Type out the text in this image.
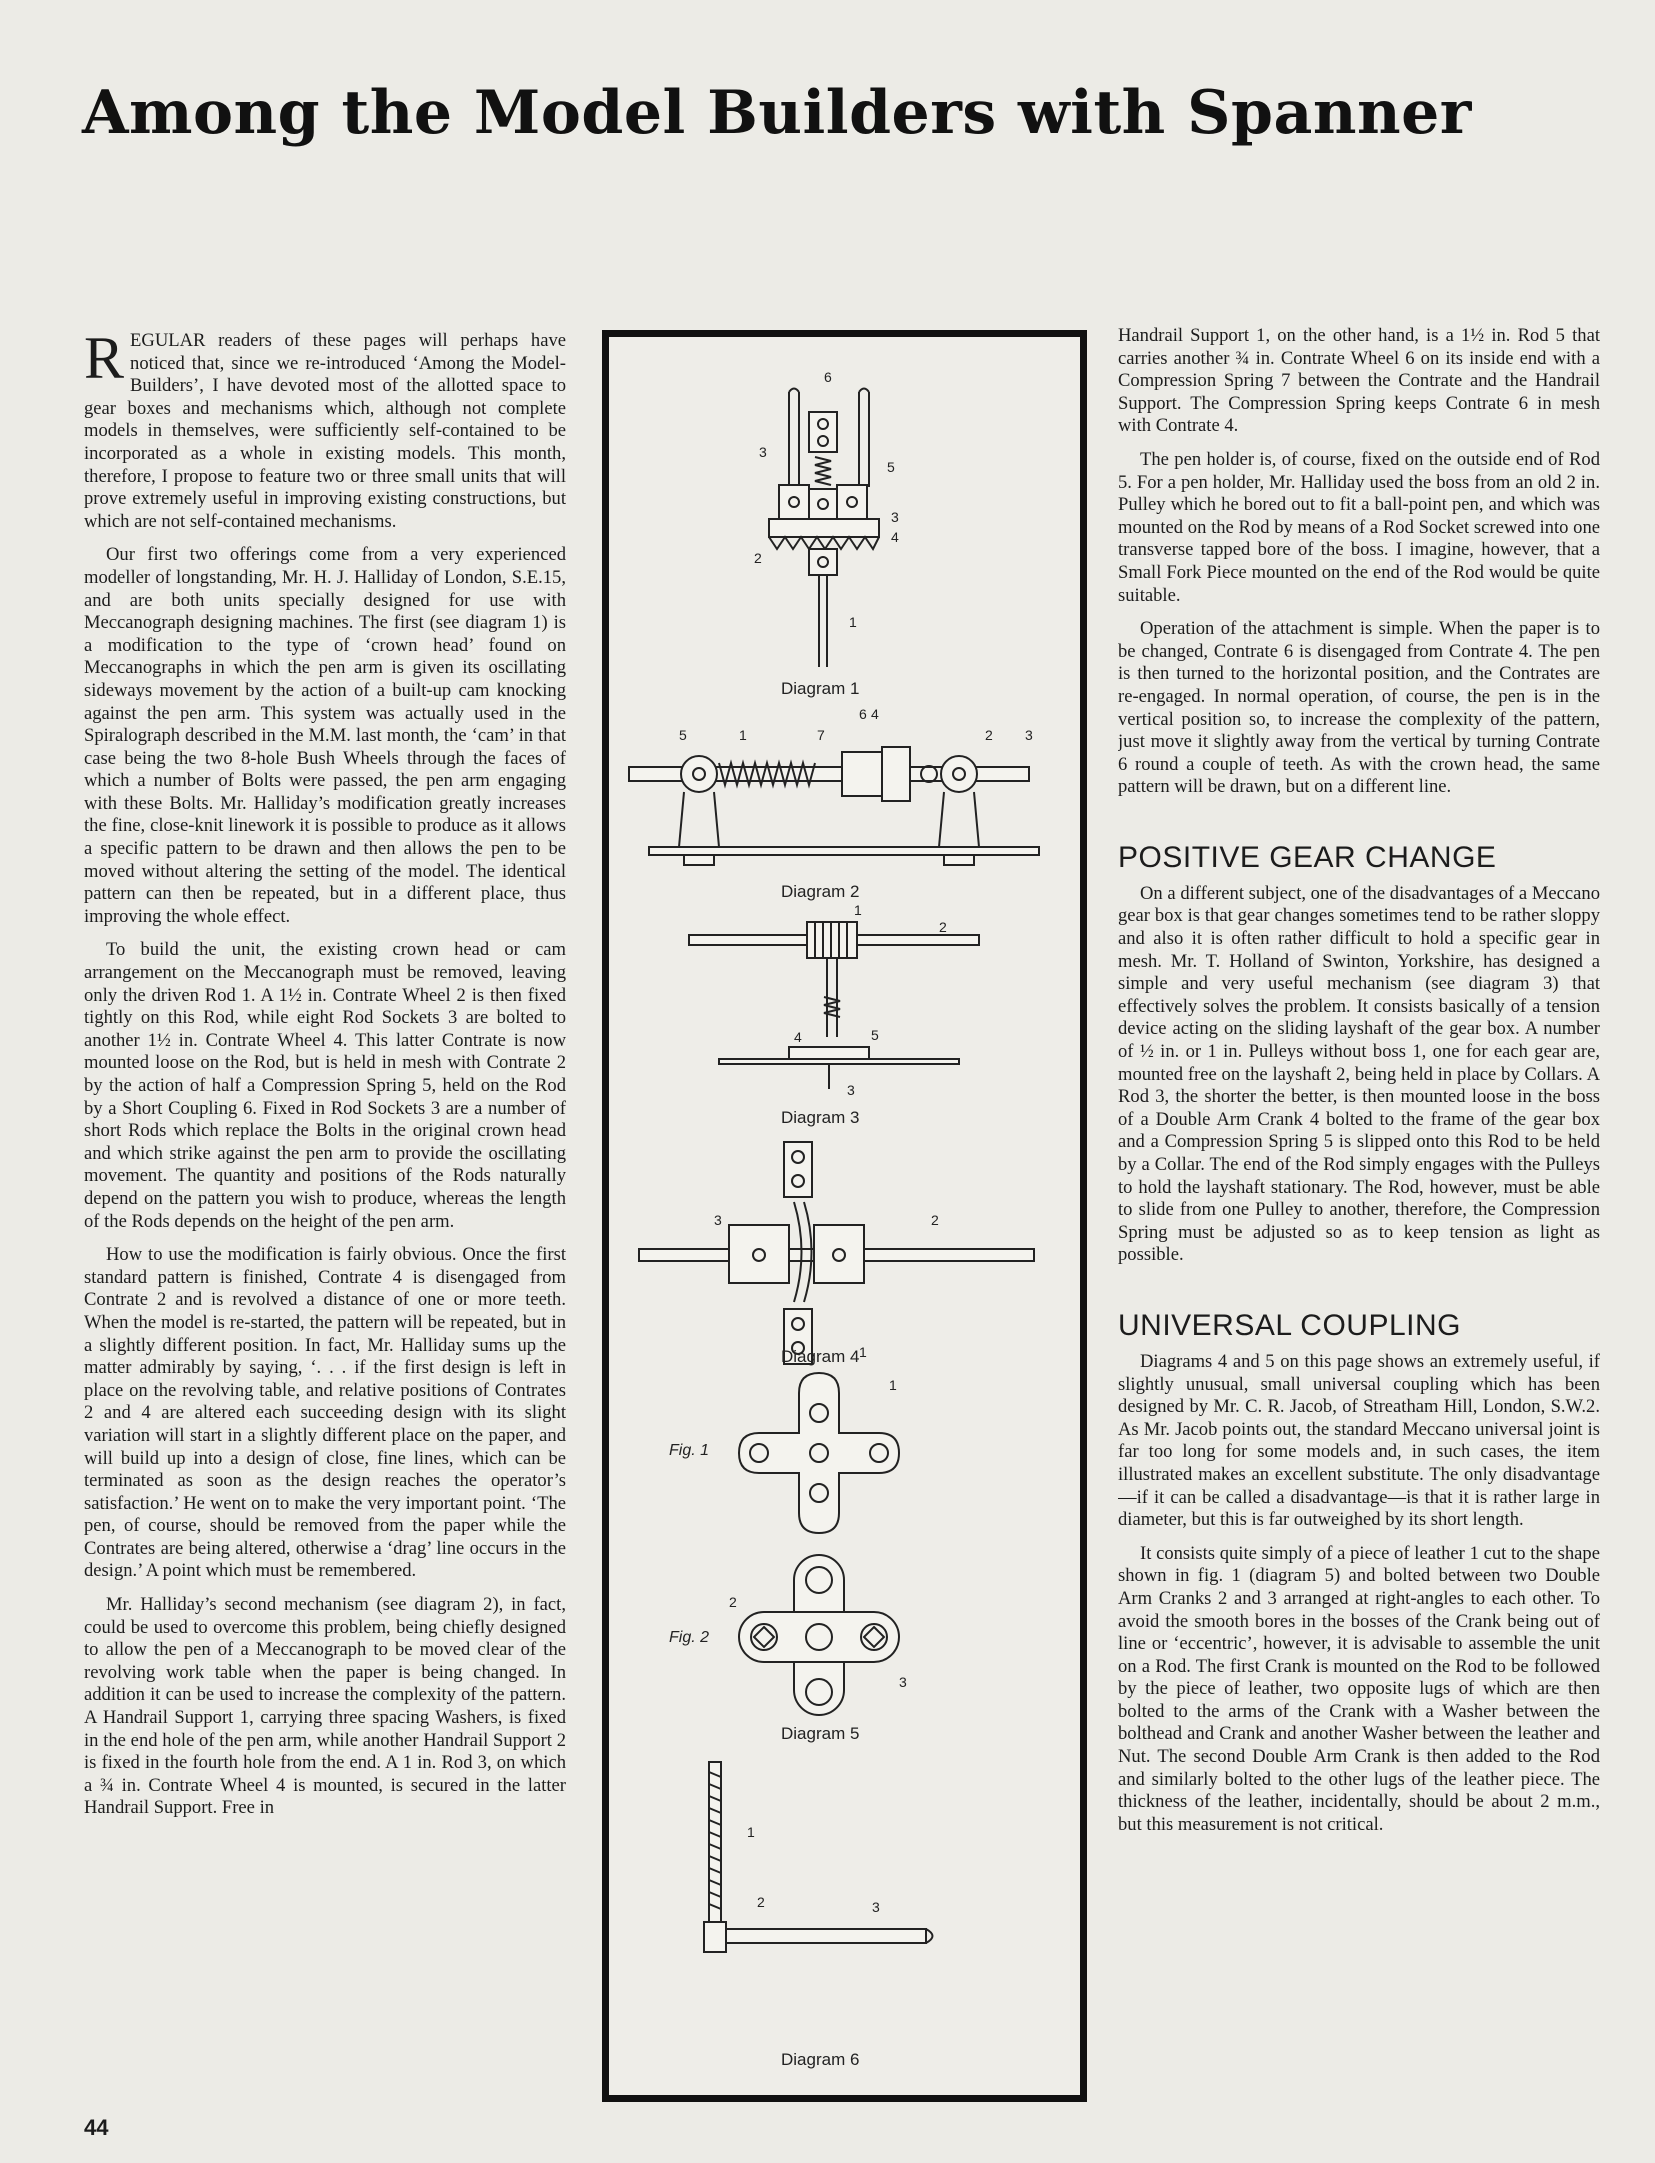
Among the Model Builders with Spanner

REGULAR readers of these pages will perhaps have noticed that, since we re-introduced ‘Among the Model-Builders’, I have devoted most of the allotted space to gear boxes and mechanisms which, although not complete models in themselves, were sufficiently self-contained to be incorporated as a whole in existing models. This month, therefore, I propose to feature two or three small units that will prove extremely useful in improving existing constructions, but which are not self-contained mechanisms.

Our first two offerings come from a very experienced modeller of longstanding, Mr. H. J. Halliday of London, S.E.15, and are both units specially designed for use with Meccanograph designing machines. The first (see diagram 1) is a modification to the type of ‘crown head’ found on Meccanographs in which the pen arm is given its oscillating sideways movement by the action of a built-up cam knocking against the pen arm. This system was actually used in the Spiralograph described in the M.M. last month, the ‘cam’ in that case being the two 8-hole Bush Wheels through the faces of which a number of Bolts were passed, the pen arm engaging with these Bolts. Mr. Halliday’s modification greatly increases the fine, close-knit linework it is possible to produce as it allows a specific pattern to be drawn and then allows the pen to be moved without altering the setting of the model. The identical pattern can then be repeated, but in a different place, thus improving the whole effect.

To build the unit, the existing crown head or cam arrangement on the Meccanograph must be removed, leaving only the driven Rod 1. A 1½ in. Contrate Wheel 2 is then fixed tightly on this Rod, while eight Rod Sockets 3 are bolted to another 1½ in. Contrate Wheel 4. This latter Contrate is now mounted loose on the Rod, but is held in mesh with Contrate 2 by the action of half a Compression Spring 5, held on the Rod by a Short Coupling 6. Fixed in Rod Sockets 3 are a number of short Rods which replace the Bolts in the original crown head and which strike against the pen arm to provide the oscillating movement. The quantity and positions of the Rods naturally depend on the pattern you wish to produce, whereas the length of the Rods depends on the height of the pen arm.

How to use the modification is fairly obvious. Once the first standard pattern is finished, Contrate 4 is disengaged from Contrate 2 and is revolved a distance of one or more teeth. When the model is re-started, the pattern will be repeated, but in a slightly different position. In fact, Mr. Halliday sums up the matter admirably by saying, ‘. . . if the first design is left in place on the revolving table, and relative positions of Contrates 2 and 4 are altered each succeeding design with its slight variation will start in a slightly different place on the paper, and will build up into a design of close, fine lines, which can be terminated as soon as the design reaches the operator’s satisfaction.’ He went on to make the very important point. ‘The pen, of course, should be removed from the paper while the Contrates are being altered, otherwise a ‘drag’ line occurs in the design.’ A point which must be remembered.

Mr. Halliday’s second mechanism (see diagram 2), in fact, could be used to overcome this problem, being chiefly designed to allow the pen of a Meccanograph to be moved clear of the revolving work table when the paper is being changed. In addition it can be used to increase the complexity of the pattern. A Handrail Support 1, carrying three spacing Washers, is fixed in the end hole of the pen arm, while another Handrail Support 2 is fixed in the fourth hole from the end. A 1 in. Rod 3, on which a ¾ in. Contrate Wheel 4 is mounted, is secured in the latter Handrail Support. Free in

6
3
5
3
4
2
1
Diagram 1
5	1	7
6 4
2 3
Diagram 2
1
2
4	5
3
Diagram 3
3	2
1
Diagram 4
1
Fig. 1
Fig. 2
2
3
Diagram 5
1
2	3
Diagram 6

Handrail Support 1, on the other hand, is a 1½ in. Rod 5 that carries another ¾ in. Contrate Wheel 6 on its inside end with a Compression Spring 7 between the Contrate and the Handrail Support. The Compression Spring keeps Contrate 6 in mesh with Contrate 4.

The pen holder is, of course, fixed on the outside end of Rod 5. For a pen holder, Mr. Halliday used the boss from an old 2 in. Pulley which he bored out to fit a ball-point pen, and which was mounted on the Rod by means of a Rod Socket screwed into one transverse tapped bore of the boss. I imagine, however, that a Small Fork Piece mounted on the end of the Rod would be quite suitable.

Operation of the attachment is simple. When the paper is to be changed, Contrate 6 is disengaged from Contrate 4. The pen is then turned to the horizontal position, and the Contrates are re-engaged. In normal operation, of course, the pen is in the vertical position so, to increase the complexity of the pattern, just move it slightly away from the vertical by turning Contrate 6 round a couple of teeth. As with the crown head, the same pattern will be drawn, but on a different line.

POSITIVE GEAR CHANGE

On a different subject, one of the disadvantages of a Meccano gear box is that gear changes sometimes tend to be rather sloppy and also it is often rather difficult to hold a specific gear in mesh. Mr. T. Holland of Swinton, Yorkshire, has designed a simple and very useful mechanism (see diagram 3) that effectively solves the problem. It consists basically of a tension device acting on the sliding layshaft of the gear box. A number of ½ in. or 1 in. Pulleys without boss 1, one for each gear are, mounted free on the layshaft 2, being held in place by Collars. A Rod 3, the shorter the better, is then mounted loose in the boss of a Double Arm Crank 4 bolted to the frame of the gear box and a Compression Spring 5 is slipped onto this Rod to be held by a Collar. The end of the Rod simply engages with the Pulleys to hold the layshaft stationary. The Rod, however, must be able to slide from one Pulley to another, therefore, the Compression Spring must be adjusted so as to keep tension as light as possible.

UNIVERSAL COUPLING

Diagrams 4 and 5 on this page shows an extremely useful, if slightly unusual, small universal coupling which has been designed by Mr. C. R. Jacob, of Streatham Hill, London, S.W.2. As Mr. Jacob points out, the standard Meccano universal joint is far too long for some models and, in such cases, the item illustrated makes an excellent substitute. The only disadvantage—if it can be called a disadvantage—is that it is rather large in diameter, but this is far outweighed by its short length.

It consists quite simply of a piece of leather 1 cut to the shape shown in fig. 1 (diagram 5) and bolted between two Double Arm Cranks 2 and 3 arranged at right-angles to each other. To avoid the smooth bores in the bosses of the Crank being out of line or ‘eccentric’, however, it is advisable to assemble the unit on a Rod. The first Crank is mounted on the Rod to be followed by the piece of leather, two opposite lugs of which are then bolted to the arms of the Crank with a Washer between the bolthead and Crank and another Washer between the leather and Nut. The second Double Arm Crank is then added to the Rod and similarly bolted to the other lugs of the leather piece. The thickness of the leather, incidentally, should be about 2 m.m., but this measurement is not critical.

44
